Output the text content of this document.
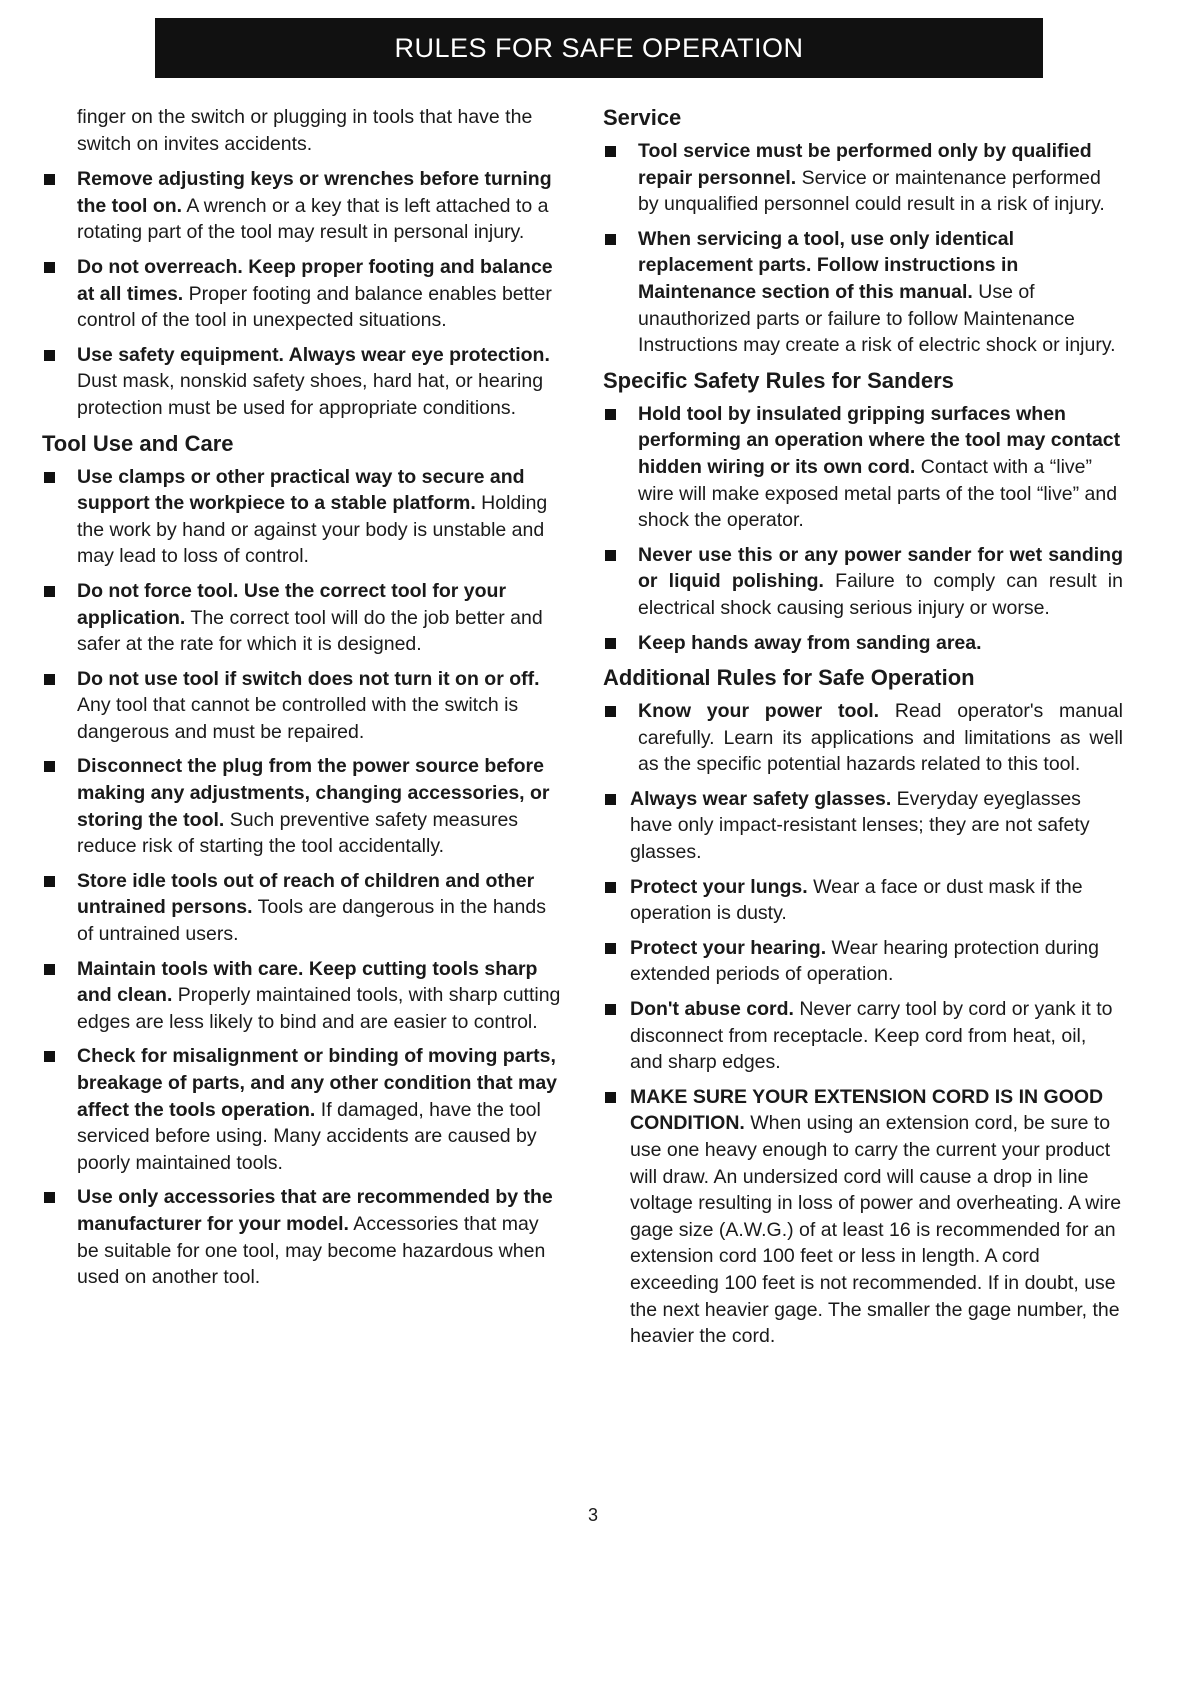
RULES FOR SAFE OPERATION

finger on the switch or plugging in tools that have the switch on invites accidents.

Remove adjusting keys or wrenches before turning the tool on. A wrench or a key that is left attached to a rotating part of the tool may result in personal injury.
Do not overreach. Keep proper footing and balance at all times. Proper footing and balance enables better control of the tool in unexpected situations.
Use safety equipment. Always wear eye protection. Dust mask, nonskid safety shoes, hard hat, or hearing protection must be used for appropriate conditions.
Tool Use and Care
Use clamps or other practical way to secure and support the workpiece to a stable platform. Holding the work by hand or against your body is unstable and may lead to loss of control.
Do not force tool. Use the correct tool for your application. The correct tool will do the job better and safer at the rate for which it is designed.
Do not use tool if switch does not turn it on or off. Any tool that cannot be controlled with the switch is dangerous and must be repaired.
Disconnect the plug from the power source before making any adjustments, changing accessories, or storing the tool. Such preventive safety measures reduce risk of starting the tool accidentally.
Store idle tools out of reach of children and other untrained persons. Tools are dangerous in the hands of untrained users.
Maintain tools with care. Keep cutting tools sharp and clean. Properly maintained tools, with sharp cutting edges are less likely to bind and are easier to control.
Check for misalignment or binding of moving parts, breakage of parts, and any other condition that may affect the tools operation. If damaged, have the tool serviced before using. Many accidents are caused by poorly maintained tools.
Use only accessories that are recommended by the manufacturer for your model. Accessories that may be suitable for one tool, may become hazardous when used on another tool.
Service
Tool service must be performed only by qualified repair personnel. Service or maintenance performed by unqualified personnel could result in a risk of injury.
When servicing a tool, use only identical replacement parts. Follow instructions in Maintenance section of this manual. Use of unauthorized parts or failure to follow Maintenance Instructions may create a risk of electric shock or injury.
Specific Safety Rules for Sanders
Hold tool by insulated gripping surfaces when performing an operation where the tool may contact hidden wiring or its own cord. Contact with a “live” wire will make exposed metal parts of the tool “live” and shock the operator.
Never use this or any power sander for wet sanding or liquid polishing. Failure to comply can result in electrical shock causing serious injury or worse.
Keep hands away from sanding area.
Additional Rules for Safe Operation
Know your power tool. Read operator's manual carefully. Learn its applications and limitations as well as the specific potential hazards related to this tool.
Always wear safety glasses. Everyday eyeglasses have only impact-resistant lenses; they are not safety glasses.
Protect your lungs. Wear a face or dust mask if the operation is dusty.
Protect your hearing. Wear hearing protection during extended periods of operation.
Don't abuse cord. Never carry tool by cord or yank it to disconnect from receptacle. Keep cord from heat, oil, and sharp edges.
MAKE SURE YOUR EXTENSION CORD IS IN GOOD CONDITION. When using an extension cord, be sure to use one heavy enough to carry the current your product will draw. An undersized cord will cause a drop in line voltage resulting in loss of power and overheating. A wire gage size (A.W.G.) of at least 16 is recommended for an extension cord 100 feet or less in length. A cord exceeding 100 feet is not recommended. If in doubt, use the next heavier gage. The smaller the gage number, the heavier the cord.
3
